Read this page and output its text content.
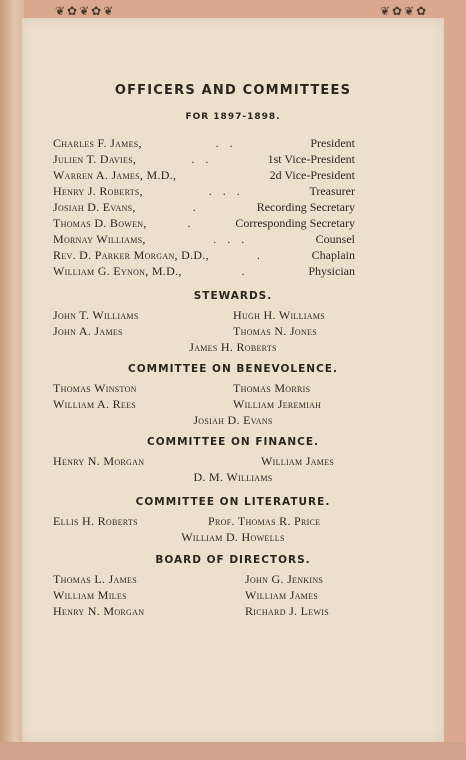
❦✿❦✿❦	❦✿❦✿
OFFICERS AND COMMITTEES
FOR 1897-1898.
Charles F. James,	. .	President
Julien T. Davies,	. .	1st Vice-President
Warren A. James, M.D.,	2d Vice-President
Henry J. Roberts,	. . .	Treasurer
Josiah D. Evans,	.	Recording Secretary
Thomas D. Bowen,	.	Corresponding Secretary
Mornay Williams,	. . .	Counsel
Rev. D. Parker Morgan, D.D.,	.	Chaplain
William G. Eynon, M.D.,	.	Physician
STEWARDS.
John T. Williams	Hugh H. Williams
John A. James	Thomas N. Jones
James H. Roberts
COMMITTEE ON BENEVOLENCE.
Thomas Winston	Thomas Morris
William A. Rees	William Jeremiah
Josiah D. Evans
COMMITTEE ON FINANCE.
Henry N. Morgan	William James
D. M. Williams
COMMITTEE ON LITERATURE.
Ellis H. Roberts	Prof. Thomas R. Price
William D. Howells
BOARD OF DIRECTORS.
Thomas L. James	John G. Jenkins
William Miles	William James
Henry N. Morgan	Richard J. Lewis
